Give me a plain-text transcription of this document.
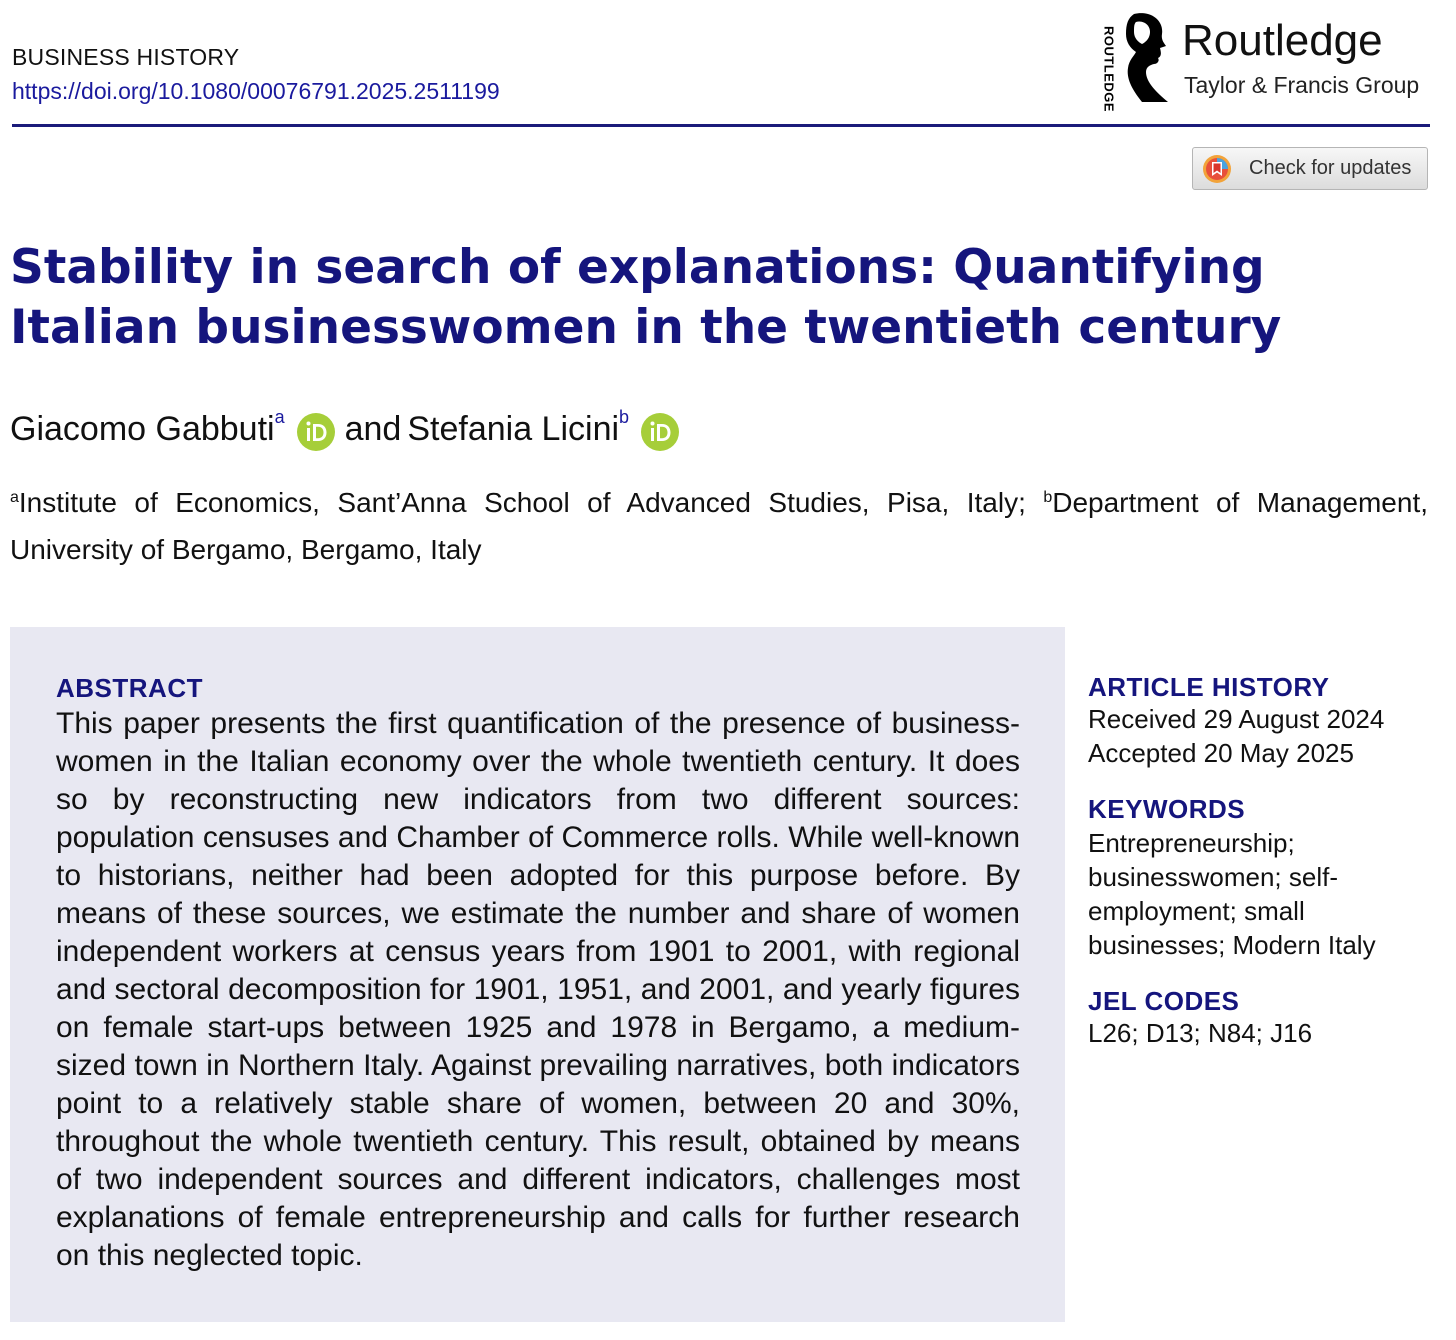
BUSINESS HISTORY
https://doi.org/10.1080/00076791.2025.2511199	ROUTLEDGE Routledge
Taylor & Francis Group
Check for updates
Stability in search of explanations: Quantifying Italian businesswomen in the twentieth century
Giacomo Gabbuti$^a$ and Stefania Licini$^b$
$^a$Institute of Economics, Sant’Anna School of Advanced Studies, Pisa, Italy; $^b$Department of Management, University of Bergamo, Bergamo, Italy
ABSTRACT

This paper presents the first quantification of the presence of businesswomen in the Italian economy over the whole twentieth century. It does so by reconstructing new indicators from two different sources: population censuses and Chamber of Commerce rolls. While well-known to historians, neither had been adopted for this purpose before. By means of these sources, we estimate the number and share of women independent workers at census years from 1901 to 2001, with regional and sectoral decomposition for 1901, 1951, and 2001, and yearly figures on female start-ups between 1925 and 1978 in Bergamo, a medium-sized town in Northern Italy. Against prevailing narratives, both indicators point to a relatively stable share of women, between 20 and 30%, throughout the whole twentieth century. This result, obtained by means of two independent sources and different indicators, challenges most explanations of female entrepreneurship and calls for further research on this neglected topic.

ARTICLE HISTORY

Received 29 August 2024

Accepted 20 May 2025

KEYWORDS

Entrepreneurship; businesswomen; self-employment; small businesses; Modern Italy

JEL CODES

L26; D13; N84; J16
